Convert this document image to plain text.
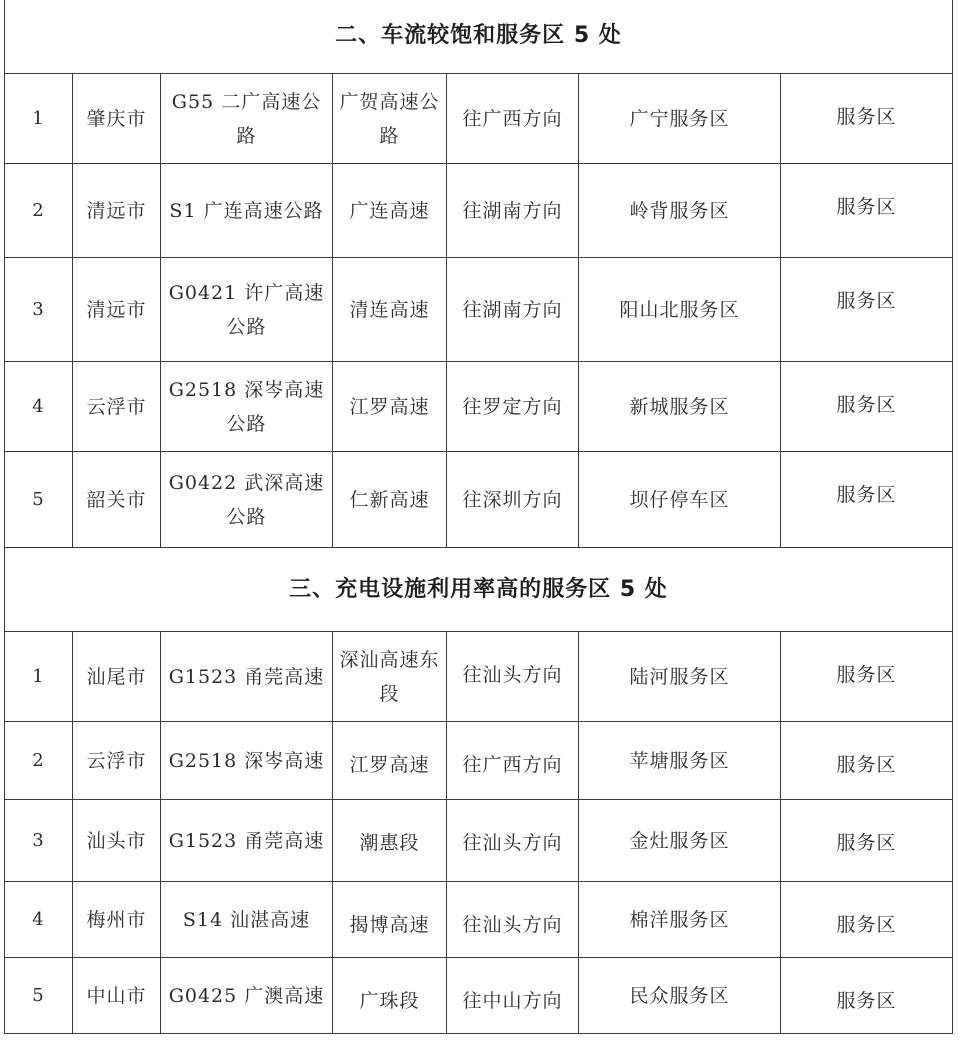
二、车流较饱和服务区 5 处						
1	肇庆市	G55 二广高速公路	广贺高速公路	往广西方向	广宁服务区	服务区
2	清远市	S1 广连高速公路	广连高速	往湖南方向	岭背服务区	服务区
3	清远市	G0421 许广高速公路	清连高速	往湖南方向	阳山北服务区	服务区
4	云浮市	G2518 深岑高速公路	江罗高速	往罗定方向	新城服务区	服务区
5	韶关市	G0422 武深高速公路	仁新高速	往深圳方向	坝仔停车区	服务区
三、充电设施利用率高的服务区 5 处						
1	汕尾市	G1523 甬莞高速	深汕高速东段	往汕头方向	陆河服务区	服务区
2	云浮市	G2518 深岑高速	江罗高速	往广西方向	苹塘服务区	服务区
3	汕头市	G1523 甬莞高速	潮惠段	往汕头方向	金灶服务区	服务区
4	梅州市	S14 汕湛高速	揭博高速	往汕头方向	棉洋服务区	服务区
5	中山市	G0425 广澳高速	广珠段	往中山方向	民众服务区	服务区
